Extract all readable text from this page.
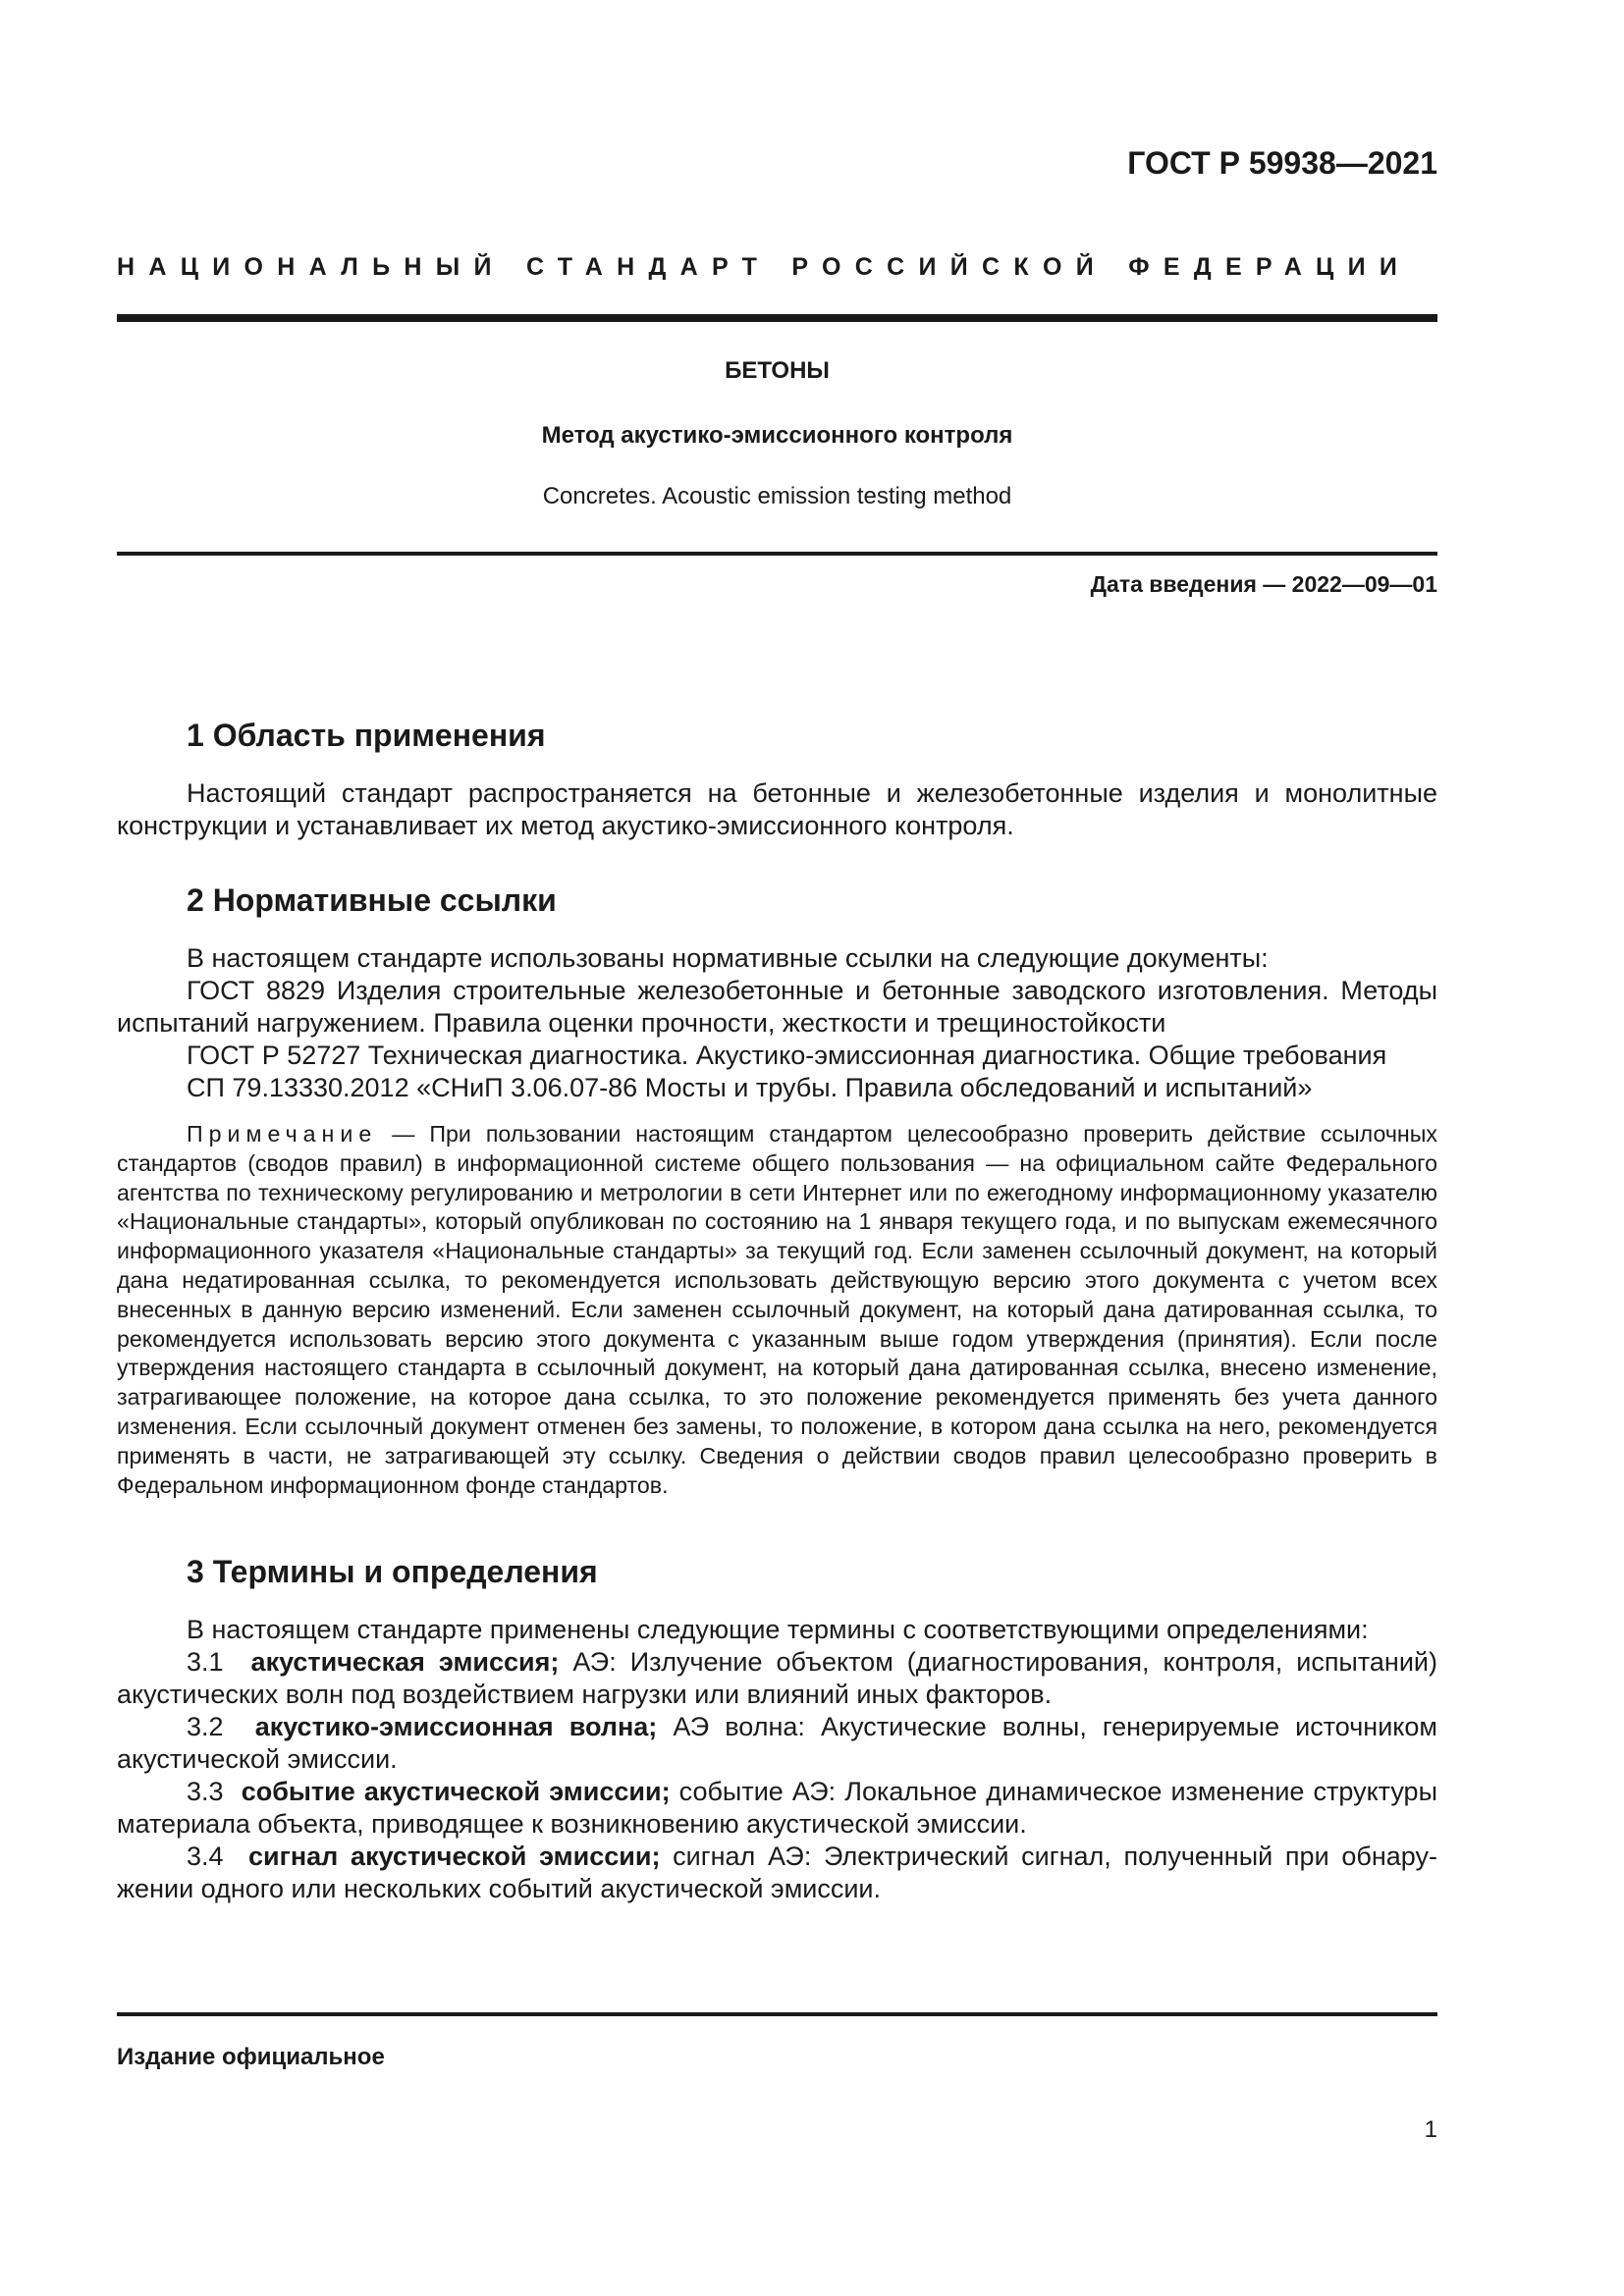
ГОСТ Р 59938—2021
НАЦИОНАЛЬНЫЙ СТАНДАРТ РОССИЙСКОЙ ФЕДЕРАЦИИ
БЕТОНЫ
Метод акустико-эмиссионного контроля
Concretes. Acoustic emission testing method
Дата введения — 2022—09—01
1 Область применения

Настоящий стандарт распространяется на бетонные и железобетонные изделия и монолитные конструкции и устанавливает их метод акустико-эмиссионного контроля.

2 Нормативные ссылки

В настоящем стандарте использованы нормативные ссылки на следующие документы:

ГОСТ 8829 Изделия строительные железобетонные и бетонные заводского изготовления. Методы испытаний нагружением. Правила оценки прочности, жесткости и трещиностойкости

ГОСТ Р 52727 Техническая диагностика. Акустико-эмиссионная диагностика. Общие требования

СП 79.13330.2012 «СНиП 3.06.07-86 Мосты и трубы. Правила обследований и испытаний»

Примечание — При пользовании настоящим стандартом целесообразно проверить действие ссылочных стандартов (сводов правил) в информационной системе общего пользования — на официальном сайте Федерального агентства по техническому регулированию и метрологии в сети Интернет или по ежегодному информационному указателю «Национальные стандарты», который опубликован по состоянию на 1 января текущего года, и по выпускам ежемесячного информационного указателя «Национальные стандарты» за текущий год. Если заменен ссылочный документ, на который дана недатированная ссылка, то рекомендуется использовать действующую версию этого документа с учетом всех внесенных в данную версию изменений. Если заменен ссылочный документ, на который дана датированная ссылка, то рекомендуется использовать версию этого документа с указанным выше годом утверждения (принятия). Если после утверждения настоящего стандарта в ссылочный документ, на который дана датированная ссылка, внесено изменение, затрагивающее положение, на которое дана ссылка, то это положение рекомендуется применять без учета данного изменения. Если ссылочный документ отменен без замены, то положение, в котором дана ссылка на него, рекомендуется применять в части, не затрагивающей эту ссылку. Сведения о действии сводов правил целесообразно проверить в Федеральном информационном фонде стандартов.
3 Термины и определения

В настоящем стандарте применены следующие термины с соответствующими определениями:

3.1 акустическая эмиссия; АЭ: Излучение объектом (диагностирования, контроля, испытаний) акустических волн под воздействием нагрузки или влияний иных факторов.

3.2 акустико-эмиссионная волна; АЭ волна: Акустические волны, генерируемые источником акустической эмиссии.

3.3 событие акустической эмиссии; событие АЭ: Локальное динамическое изменение структуры материала объекта, приводящее к возникновению акустической эмиссии.

3.4 сигнал акустической эмиссии; сигнал АЭ: Электрический сигнал, полученный при обнаружении одного или нескольких событий акустической эмиссии.

Издание официальное
1
